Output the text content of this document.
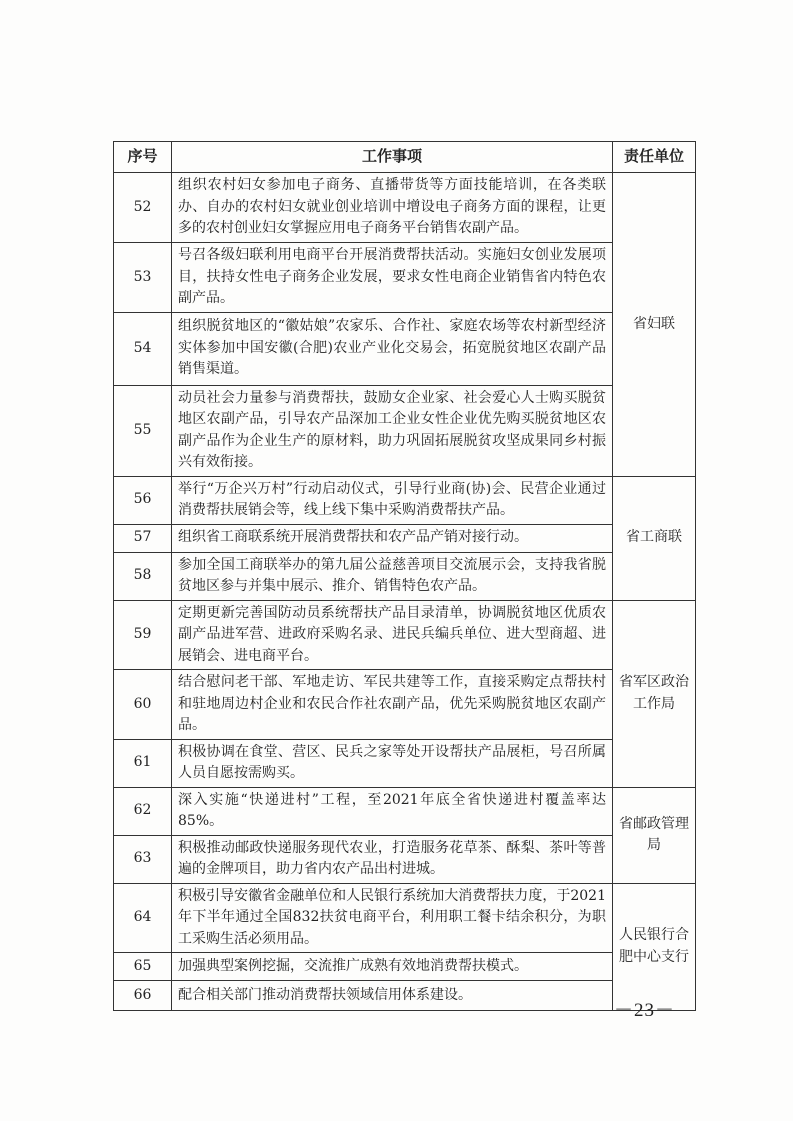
序号	工作事项	责任单位
52	组织农村妇女参加电子商务、直播带货等方面技能培训，在各类联办、自办的农村妇女就业创业培训中增设电子商务方面的课程，让更多的农村创业妇女掌握应用电子商务平台销售农副产品。	省妇联
53	号召各级妇联利用电商平台开展消费帮扶活动。实施妇女创业发展项目，扶持女性电子商务企业发展，要求女性电商企业销售省内特色农副产品。	
54	组织脱贫地区的“徽姑娘”农家乐、合作社、家庭农场等农村新型经济实体参加中国安徽(合肥)农业产业化交易会，拓宽脱贫地区农副产品销售渠道。	
55	动员社会力量参与消费帮扶，鼓励女企业家、社会爱心人士购买脱贫地区农副产品，引导农产品深加工企业女性企业优先购买脱贫地区农副产品作为企业生产的原材料，助力巩固拓展脱贫攻坚成果同乡村振兴有效衔接。	
56	举行“万企兴万村”行动启动仪式，引导行业商(协)会、民营企业通过消费帮扶展销会等，线上线下集中采购消费帮扶产品。	省工商联
57	组织省工商联系统开展消费帮扶和农产品产销对接行动。	
58	参加全国工商联举办的第九届公益慈善项目交流展示会，支持我省脱贫地区参与并集中展示、推介、销售特色农产品。	
59	定期更新完善国防动员系统帮扶产品目录清单，协调脱贫地区优质农副产品进军营、进政府采购名录、进民兵编兵单位、进大型商超、进展销会、进电商平台。	省军区政治工作局
60	结合慰问老干部、军地走访、军民共建等工作，直接采购定点帮扶村和驻地周边村企业和农民合作社农副产品，优先采购脱贫地区农副产品。	
61	积极协调在食堂、营区、民兵之家等处开设帮扶产品展柜，号召所属人员自愿按需购买。	
62	深入实施“快递进村”工程，至2021年底全省快递进村覆盖率达85%。	省邮政管理局
63	积极推动邮政快递服务现代农业，打造服务花草茶、酥梨、茶叶等普遍的金牌项目，助力省内农产品出村进城。	
64	积极引导安徽省金融单位和人民银行系统加大消费帮扶力度，于2021年下半年通过全国832扶贫电商平台，利用职工餐卡结余积分，为职工采购生活必须用品。	人民银行合肥中心支行
65	加强典型案例挖掘，交流推广成熟有效地消费帮扶模式。	
66	配合相关部门推动消费帮扶领域信用体系建设。	
－23－
